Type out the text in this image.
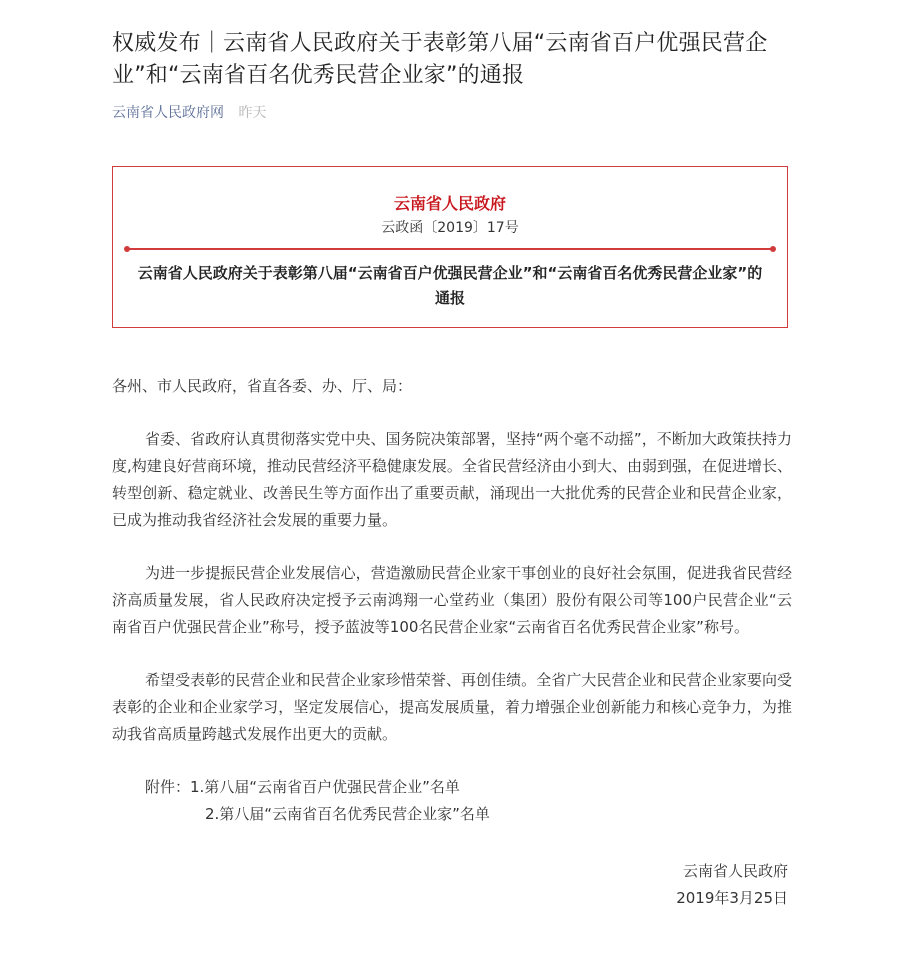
权威发布｜云南省人民政府关于表彰第八届“云南省百户优强民营企业”和“云南省百名优秀民营企业家”的通报
云南省人民政府网 昨天
云南省人民政府
云政函〔2019〕17号
云南省人民政府关于表彰第八届“云南省百户优强民营企业”和“云南省百名优秀民营企业家”的通报

各州、市人民政府，省直各委、办、厅、局：

省委、省政府认真贯彻落实党中央、国务院决策部署，坚持“两个毫不动摇”，不断加大政策扶持力度,构建良好营商环境，推动民营经济平稳健康发展。全省民营经济由小到大、由弱到强，在促进增长、转型创新、稳定就业、改善民生等方面作出了重要贡献，涌现出一大批优秀的民营企业和民营企业家，已成为推动我省经济社会发展的重要力量。

为进一步提振民营企业发展信心，营造激励民营企业家干事创业的良好社会氛围，促进我省民营经济高质量发展，省人民政府决定授予云南鸿翔一心堂药业（集团）股份有限公司等100户民营企业“云南省百户优强民营企业”称号，授予蓝波等100名民营企业家“云南省百名优秀民营企业家”称号。

希望受表彰的民营企业和民营企业家珍惜荣誉、再创佳绩。全省广大民营企业和民营企业家要向受表彰的企业和企业家学习，坚定发展信心，提高发展质量，着力增强企业创新能力和核心竞争力，为推动我省高质量跨越式发展作出更大的贡献。

附件：1.第八届“云南省百户优强民营企业”名单
2.第八届“云南省百名优秀民营企业家”名单
云南省人民政府
2019年3月25日
